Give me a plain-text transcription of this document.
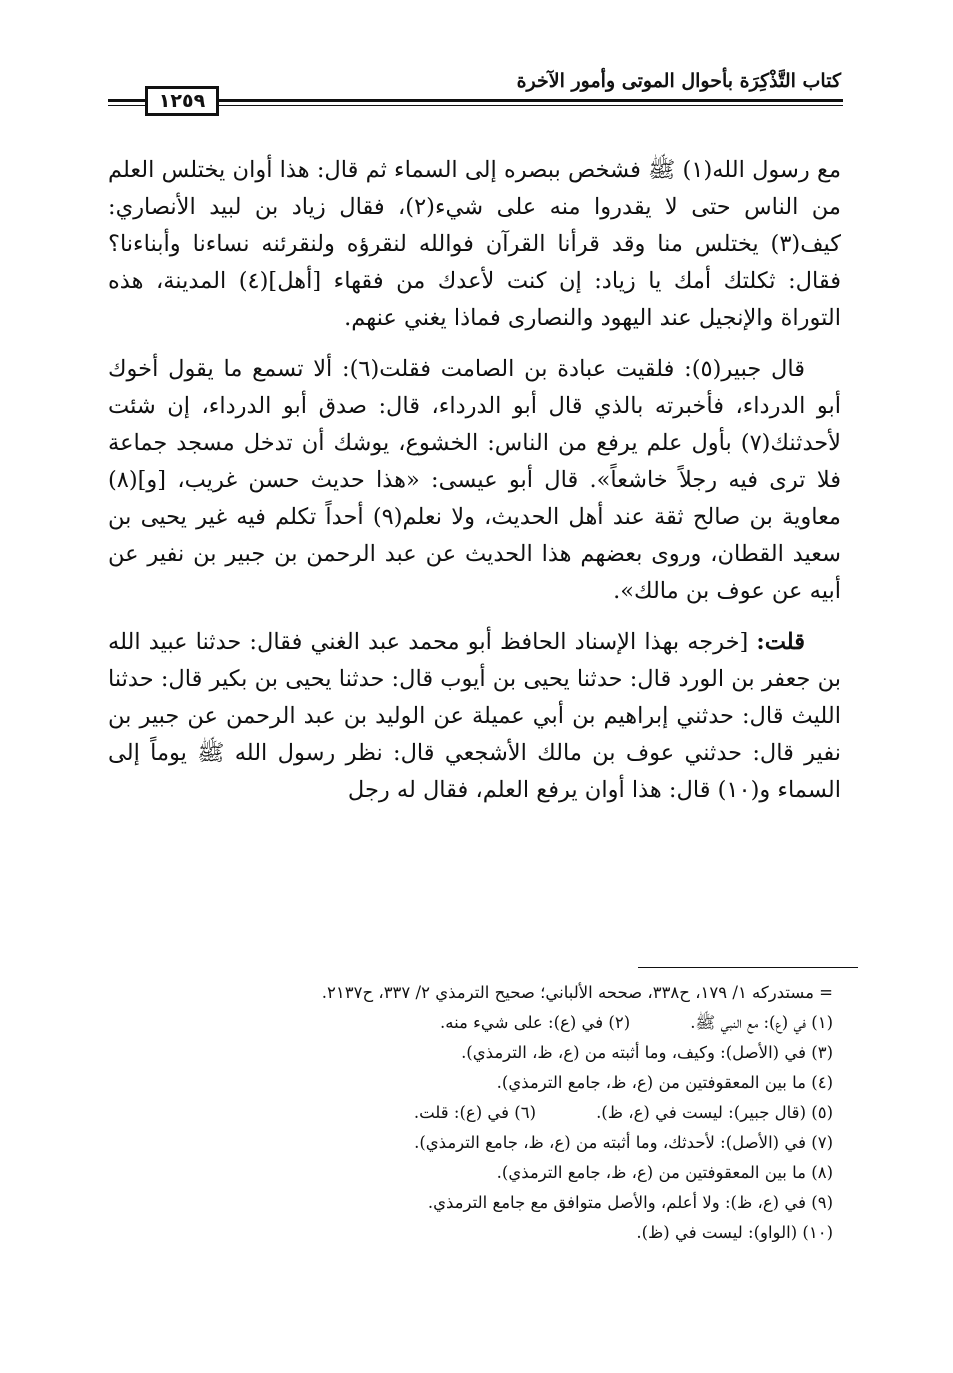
كتاب التَّذْكِرَة بأحوال الموتى وأمور الآخرة
١٢٥٩

مع رسول الله(١) ﷺ فشخص ببصره إلى السماء ثم قال: هذا أوان يختلس العلم من الناس حتى لا يقدروا منه على شيء(٢)، فقال زياد بن لبيد الأنصاري: كيف(٣) يختلس منا وقد قرأنا القرآن فوالله لنقرؤه ولنقرئنه نساءنا وأبناءنا؟ فقال: ثكلتك أمك يا زياد: إن كنت لأعدك من فقهاء [أهل](٤) المدينة، هذه التوراة والإنجيل عند اليهود والنصارى فماذا يغني عنهم.

قال جبير(٥): فلقيت عبادة بن الصامت فقلت(٦): ألا تسمع ما يقول أخوك أبو الدرداء، فأخبرته بالذي قال أبو الدرداء، قال: صدق أبو الدرداء، إن شئت لأحدثنك(٧) بأول علم يرفع من الناس: الخشوع، يوشك أن تدخل مسجد جماعة فلا ترى فيه رجلاً خاشعاً». قال أبو عيسى: «هذا حديث حسن غريب، [و](٨) معاوية بن صالح ثقة عند أهل الحديث، ولا نعلم(٩) أحداً تكلم فيه غير يحيى بن سعيد القطان، وروى بعضهم هذا الحديث عن عبد الرحمن بن جبير بن نفير عن أبيه عن عوف بن مالك».

قلت: [خرجه بهذا الإسناد الحافظ أبو محمد عبد الغني فقال: حدثنا عبيد الله بن جعفر بن الورد قال: حدثنا يحيى بن أيوب قال: حدثنا يحيى بن بكير قال: حدثنا الليث قال: حدثني إبراهيم بن أبي عميلة عن الوليد بن عبد الرحمن عن جبير بن نفير قال: حدثني عوف بن مالك الأشجعي قال: نظر رسول الله ﷺ يوماً إلى السماء و(١٠) قال: هذا أوان يرفع العلم، فقال له رجل

= مستدركه ١/ ١٧٩، ح٣٣٨، صححه الألباني؛ صحيح الترمذي ٢/ ٣٣٧، ح٢١٣٧.
(١) في (ع): مع النبي ﷺ.
(٢) في (ع): على شيء منه.
(٣) في (الأصل): وكيف، وما أثبته من (ع، ظ، الترمذي).
(٤) ما بين المعقوفتين من (ع، ظ، جامع الترمذي).
(٥) (قال جبير): ليست في (ع، ظ).
(٦) في (ع): قلت.
(٧) في (الأصل): لأحدثك، وما أثبته من (ع، ظ، جامع الترمذي).
(٨) ما بين المعقوفتين من (ع، ظ، جامع الترمذي).
(٩) في (ع، ظ): ولا أعلم، والأصل متوافق مع جامع الترمذي.
(١٠) (الواو): ليست في (ظ).
